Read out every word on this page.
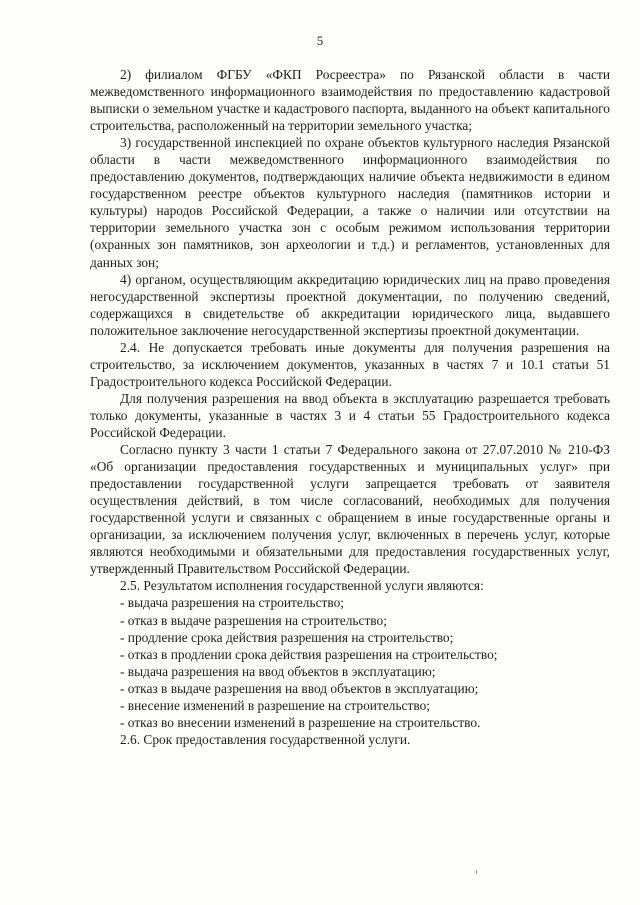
5

2) филиалом ФГБУ «ФКП Росреестра» по Рязанской области в части межведомственного информационного взаимодействия по предоставлению кадастровой выписки о земельном участке и кадастрового паспорта, выданного на объект капитального строительства, расположенный на территории земельного участка;

3) государственной инспекцией по охране объектов культурного наследия Рязанской области в части межведомственного информационного взаимодействия по предоставлению документов, подтверждающих наличие объекта недвижимости в едином государственном реестре объектов культурного наследия (памятников истории и культуры) народов Российской Федерации, а также о наличии или отсутствии на территории земельного участка зон с особым режимом использования территории (охранных зон памятников, зон археологии и т.д.) и регламентов, установленных для данных зон;

4) органом, осуществляющим аккредитацию юридических лиц на право проведения негосударственной экспертизы проектной документации, по получению сведений, содержащихся в свидетельстве об аккредитации юридического лица, выдавшего положительное заключение негосударственной экспертизы проектной документации.

2.4. Не допускается требовать иные документы для получения разрешения на строительство, за исключением документов, указанных в частях 7 и 10.1 статьи 51 Градостроительного кодекса Российской Федерации.

Для получения разрешения на ввод объекта в эксплуатацию разрешается требовать только документы, указанные в частях 3 и 4 статьи 55 Градостроительного кодекса Российской Федерации.

Согласно пункту 3 части 1 статьи 7 Федерального закона от 27.07.2010 № 210-ФЗ «Об организации предоставления государственных и муниципальных услуг» при предоставлении государственной услуги запрещается требовать от заявителя осуществления действий, в том числе согласований, необходимых для получения государственной услуги и связанных с обращением в иные государственные органы и организации, за исключением получения услуг, включенных в перечень услуг, которые являются необходимыми и обязательными для предоставления государственных услуг, утвержденный Правительством Российской Федерации.

2.5. Результатом исполнения государственной услуги являются:

- выдача разрешения на строительство;
- отказ в выдаче разрешения на строительство;
- продление срока действия разрешения на строительство;
- отказ в продлении срока действия разрешения на строительство;
- выдача разрешения на ввод объектов в эксплуатацию;
- отказ в выдаче разрешения на ввод объектов в эксплуатацию;
- внесение изменений в разрешение на строительство;
- отказ во внесении изменений в разрешение на строительство.

2.6. Срок предоставления государственной услуги.
